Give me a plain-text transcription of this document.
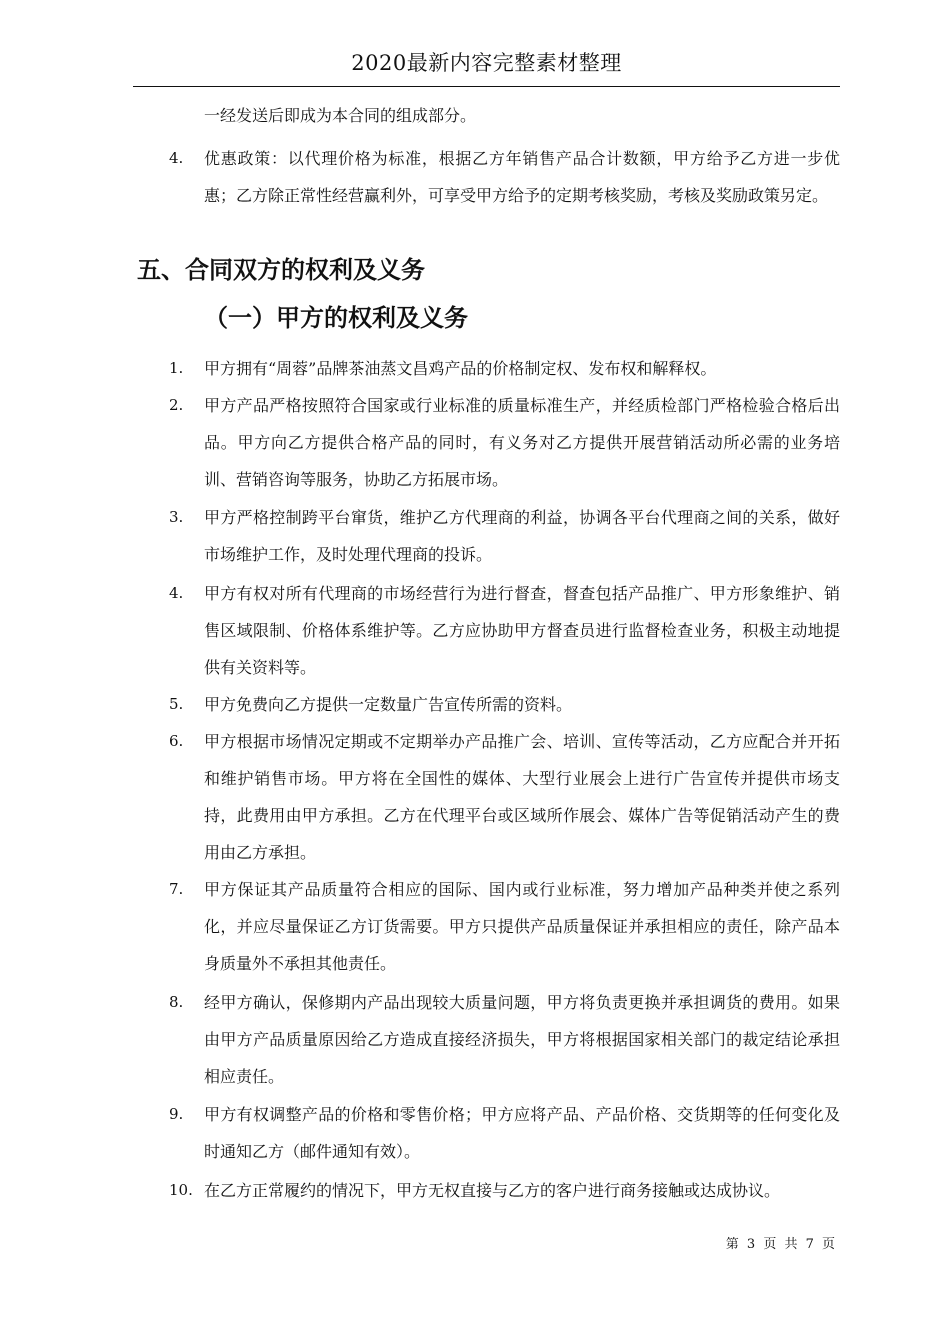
2020最新内容完整素材整理
一经发送后即成为本合同的组成部分。
4.	优惠政策：以代理价格为标准，根据乙方年销售产品合计数额，甲方给予乙方进一步优惠；乙方除正常性经营赢利外，可享受甲方给予的定期考核奖励，考核及奖励政策另定。
五、合同双方的权利及义务
（一）甲方的权利及义务
1.	甲方拥有“周蓉”品牌茶油蒸文昌鸡产品的价格制定权、发布权和解释权。
2.	甲方产品严格按照符合国家或行业标准的质量标准生产，并经质检部门严格检验合格后出品。甲方向乙方提供合格产品的同时，有义务对乙方提供开展营销活动所必需的业务培训、营销咨询等服务，协助乙方拓展市场。
3.	甲方严格控制跨平台窜货，维护乙方代理商的利益，协调各平台代理商之间的关系，做好市场维护工作，及时处理代理商的投诉。
4.	甲方有权对所有代理商的市场经营行为进行督查，督查包括产品推广、甲方形象维护、销售区域限制、价格体系维护等。乙方应协助甲方督查员进行监督检查业务，积极主动地提供有关资料等。
5.	甲方免费向乙方提供一定数量广告宣传所需的资料。
6.	甲方根据市场情况定期或不定期举办产品推广会、培训、宣传等活动，乙方应配合并开拓和维护销售市场。甲方将在全国性的媒体、大型行业展会上进行广告宣传并提供市场支持，此费用由甲方承担。乙方在代理平台或区域所作展会、媒体广告等促销活动产生的费用由乙方承担。
7.	甲方保证其产品质量符合相应的国际、国内或行业标准，努力增加产品种类并使之系列化，并应尽量保证乙方订货需要。甲方只提供产品质量保证并承担相应的责任，除产品本身质量外不承担其他责任。
8.	经甲方确认，保修期内产品出现较大质量问题，甲方将负责更换并承担调货的费用。如果由甲方产品质量原因给乙方造成直接经济损失，甲方将根据国家相关部门的裁定结论承担相应责任。
9.	甲方有权调整产品的价格和零售价格；甲方应将产品、产品价格、交货期等的任何变化及时通知乙方（邮件通知有效）。
10. 在乙方正常履约的情况下，甲方无权直接与乙方的客户进行商务接触或达成协议。
第 3 页 共 7 页
